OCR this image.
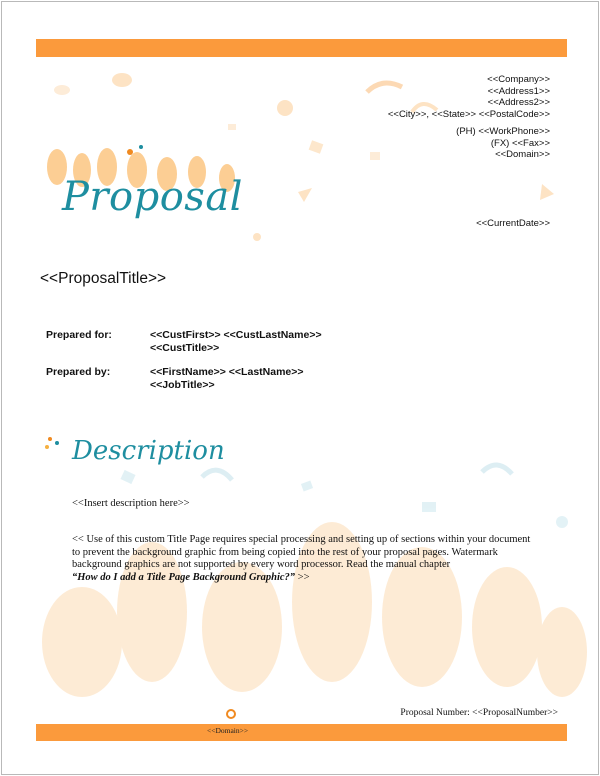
<<Company>>
<<Address1>>
<<Address2>>
<<City>>, <<State>> <<PostalCode>>
(PH) <<WorkPhone>>
(FX) <<Fax>>
<<Domain>>
Proposal
<<CurrentDate>>
<<ProposalTitle>>
Prepared for:	<<CustFirst>> <<CustLastName>>
<<CustTitle>>
Prepared by:	<<FirstName>> <<LastName>>
<<JobTitle>>
Description
<<Insert description here>>
<< Use of this custom Title Page requires special processing and setting up of sections within your document to prevent the background graphic from being copied into the rest of your proposal pages. Watermark background graphics are not supported by every word processor. Read the manual chapter
“How do I add a Title Page Background Graphic?” >>
Proposal Number: <<ProposalNumber>>
<<Domain>>
